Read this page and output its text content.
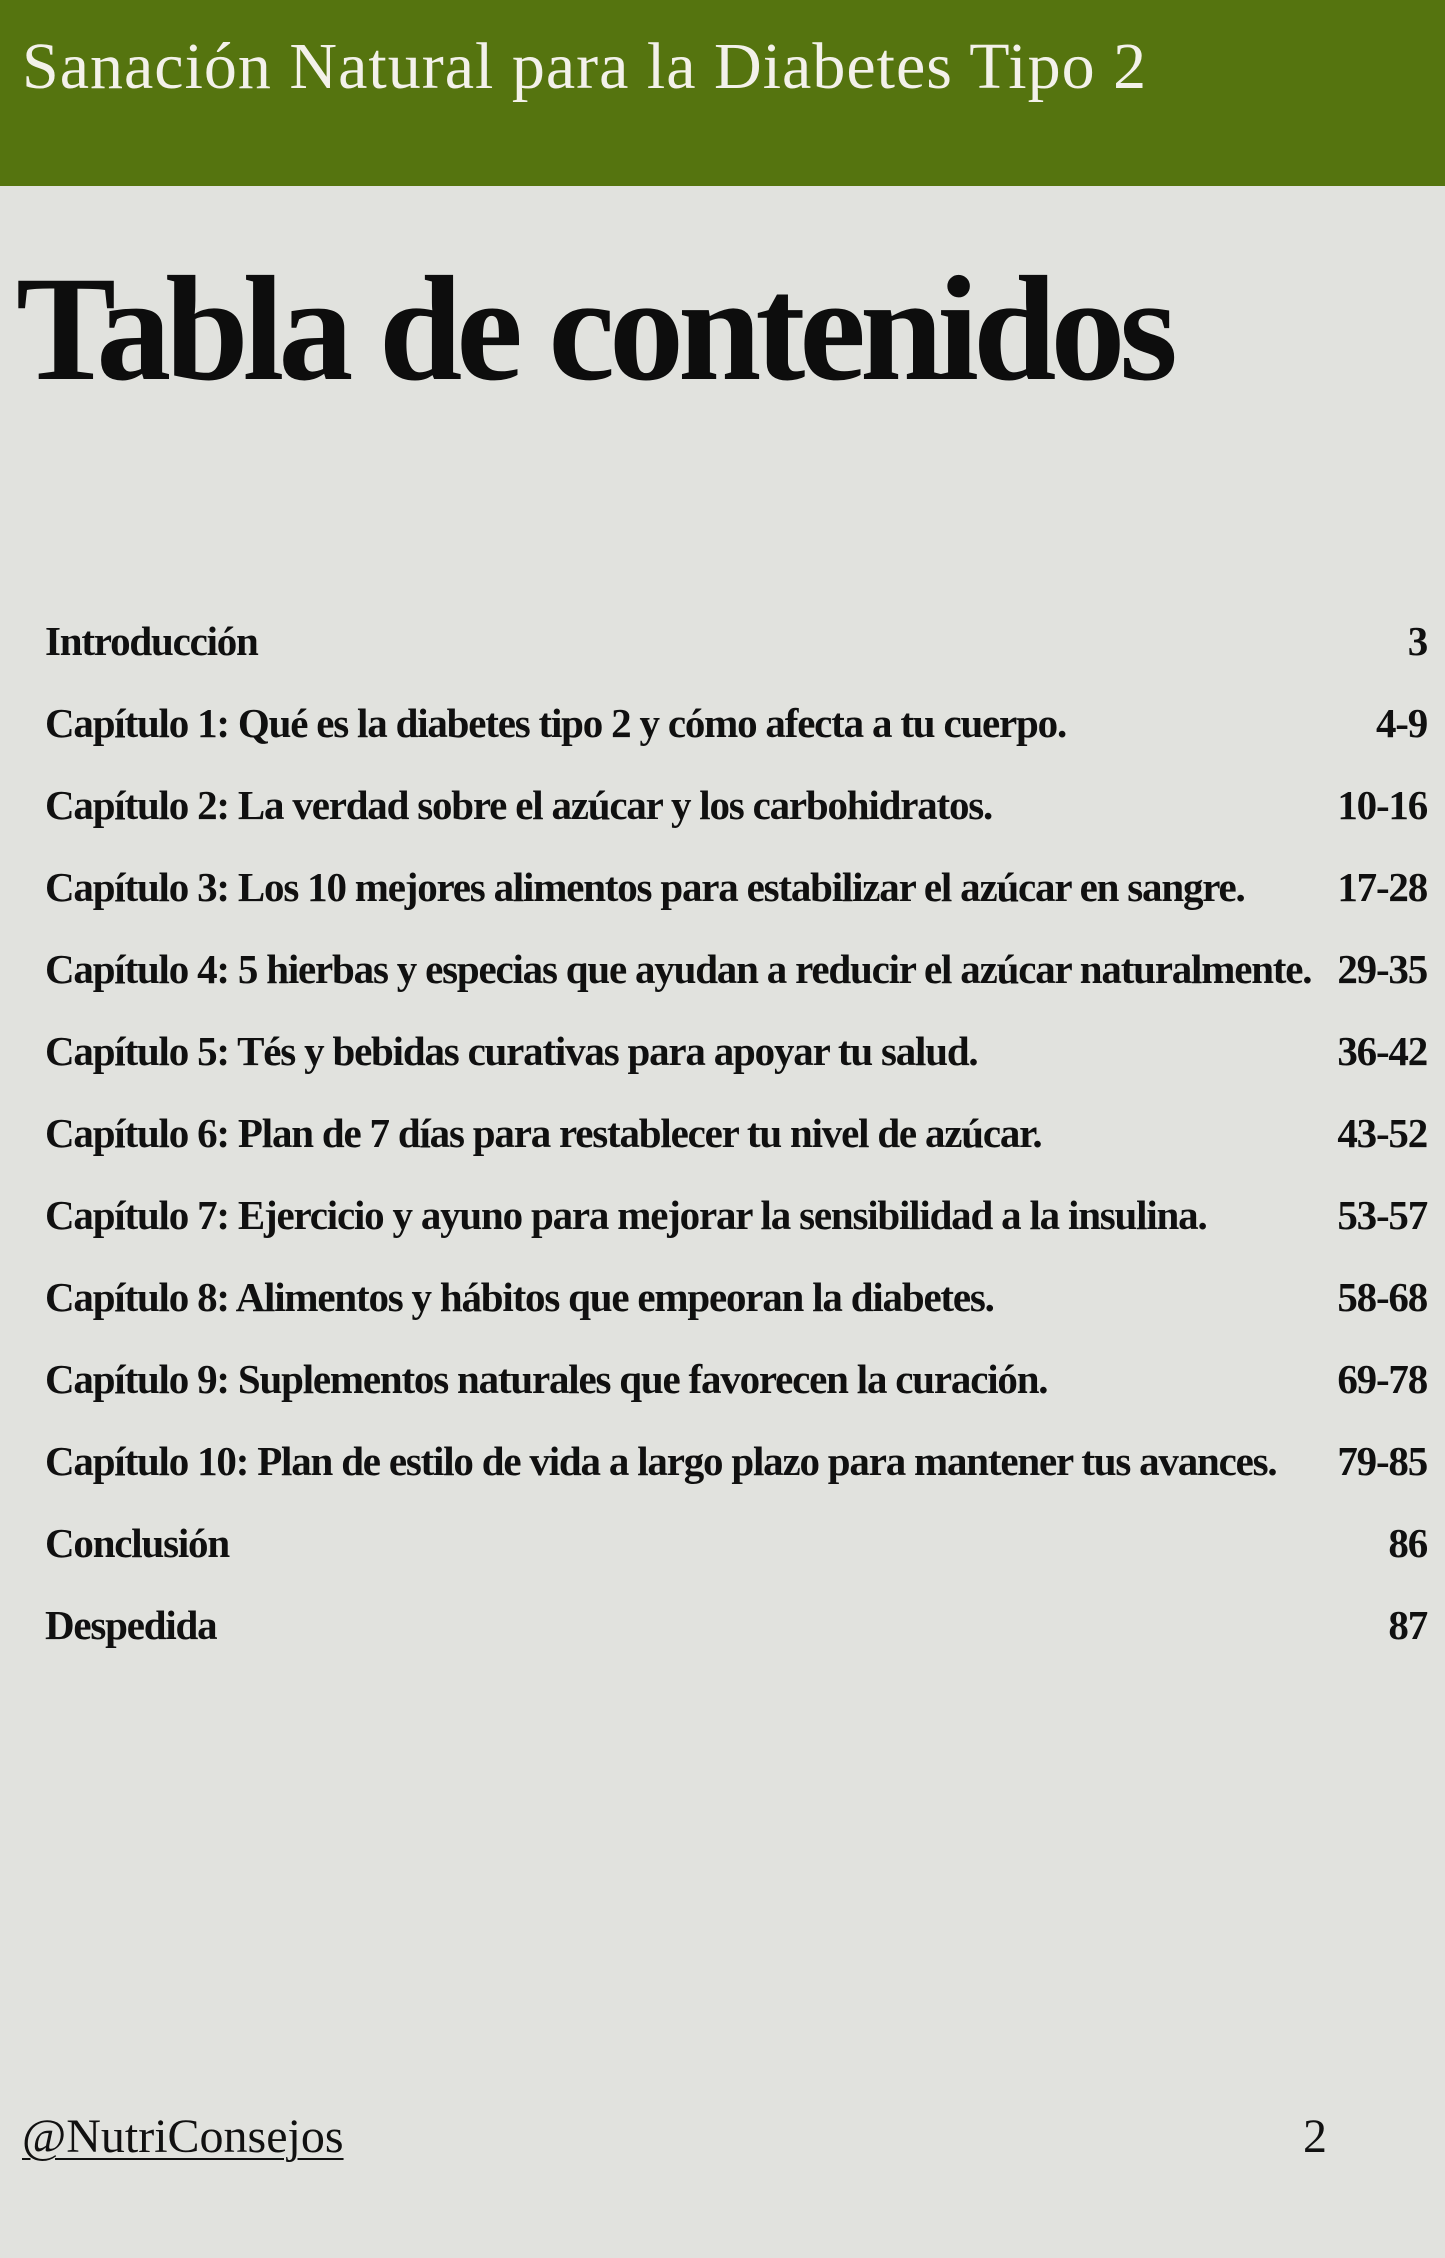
Sanación Natural para la Diabetes Tipo 2
Tabla de contenidos
Introducción	3
Capítulo 1: Qué es la diabetes tipo 2 y cómo afecta a tu cuerpo.	4-9
Capítulo 2: La verdad sobre el azúcar y los carbohidratos.	10-16
Capítulo 3: Los 10 mejores alimentos para estabilizar el azúcar en sangre.	17-28
Capítulo 4: 5 hierbas y especias que ayudan a reducir el azúcar naturalmente. 29-35
Capítulo 5: Tés y bebidas curativas para apoyar tu salud.	36-42
Capítulo 6: Plan de 7 días para restablecer tu nivel de azúcar.	43-52
Capítulo 7: Ejercicio y ayuno para mejorar la sensibilidad a la insulina.	53-57
Capítulo 8: Alimentos y hábitos que empeoran la diabetes.	58-68
Capítulo 9: Suplementos naturales que favorecen la curación.	69-78
Capítulo 10: Plan de estilo de vida a largo plazo para mantener tus avances.	79-85
Conclusión	86
Despedida	87
@NutriConsejos	2
